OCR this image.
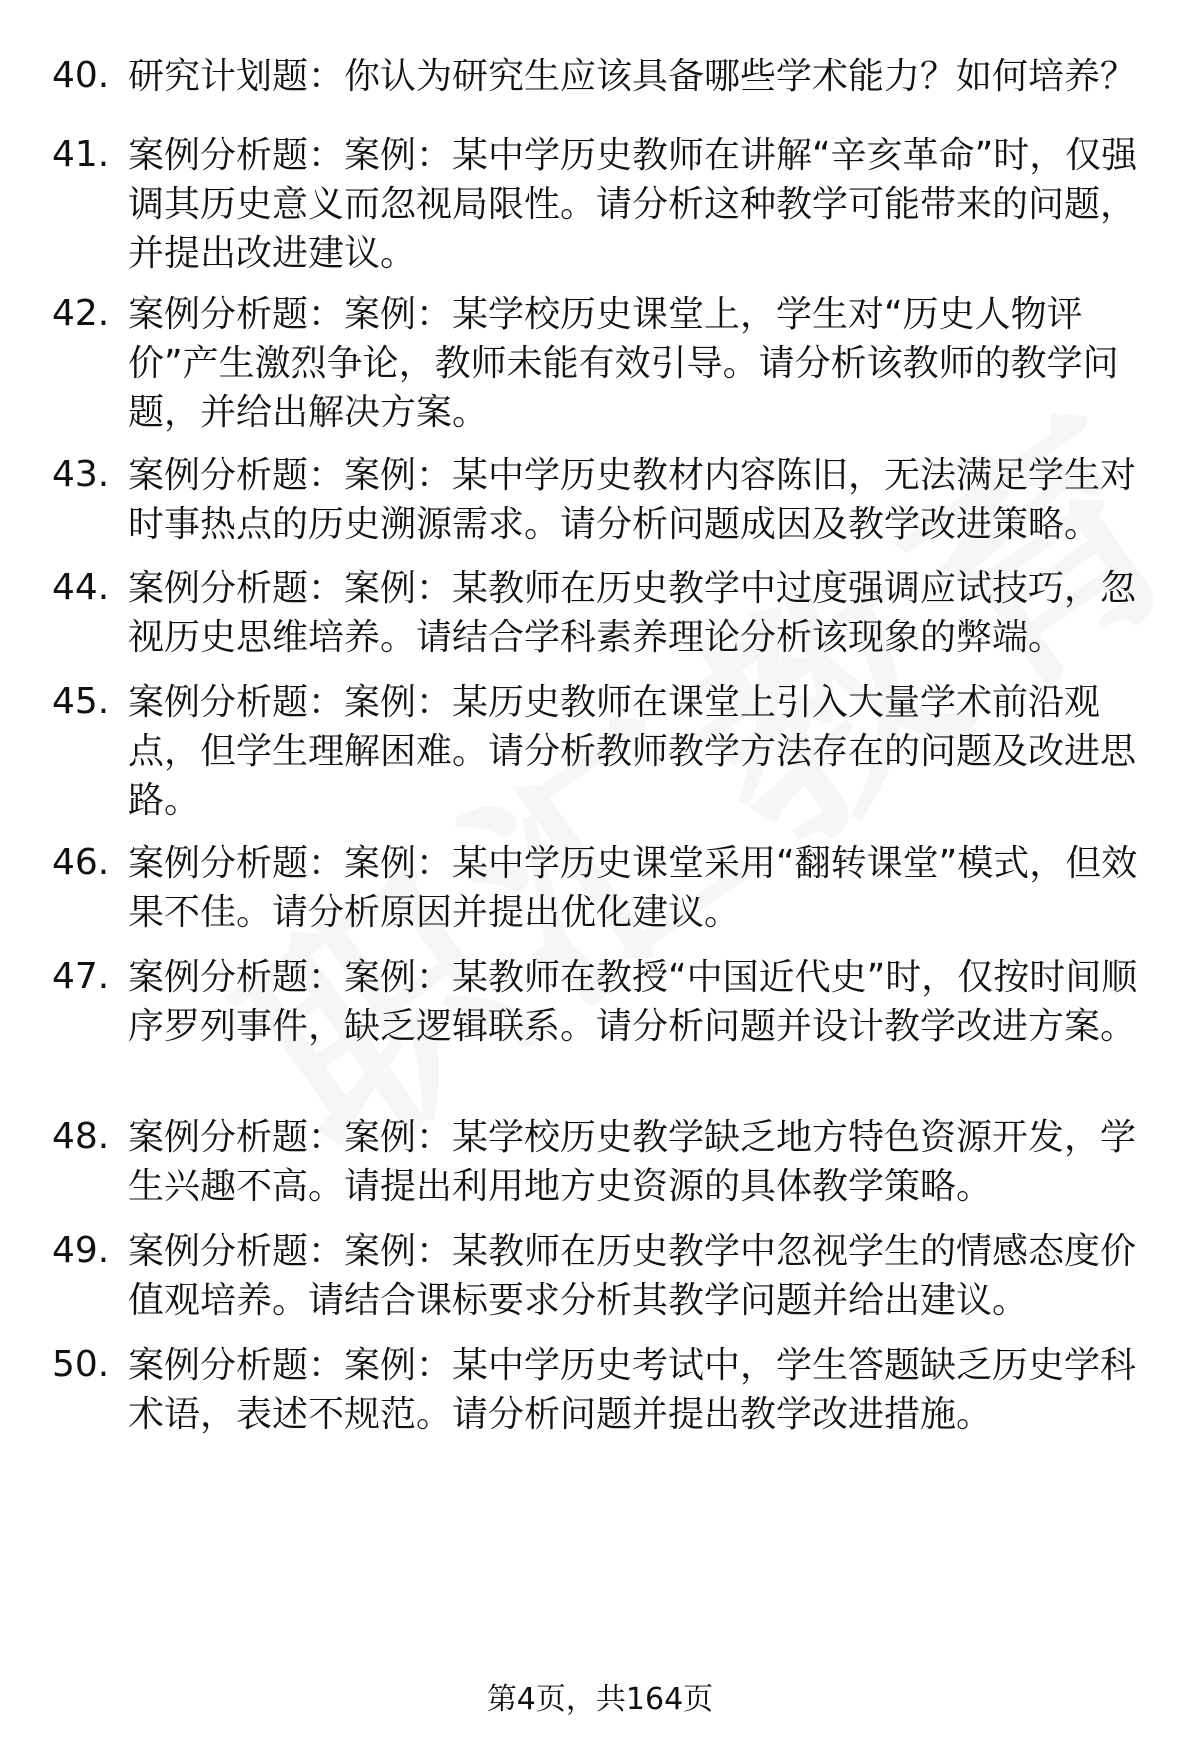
40. 研究计划题：你认为研究生应该具备哪些学术能力？如何培养？
41. 案例分析题：案例：某中学历史教师在讲解“辛亥革命”时，仅强调其历史意义而忽视局限性。请分析这种教学可能带来的问题，并提出改进建议。
42. 案例分析题：案例：某学校历史课堂上，学生对“历史人物评价”产生激烈争论，教师未能有效引导。请分析该教师的教学问题，并给出解决方案。
43. 案例分析题：案例：某中学历史教材内容陈旧，无法满足学生对时事热点的历史溯源需求。请分析问题成因及教学改进策略。
44. 案例分析题：案例：某教师在历史教学中过度强调应试技巧，忽视历史思维培养。请结合学科素养理论分析该现象的弊端。
45. 案例分析题：案例：某历史教师在课堂上引入大量学术前沿观点，但学生理解困难。请分析教师教学方法存在的问题及改进思路。
46. 案例分析题：案例：某中学历史课堂采用“翻转课堂”模式，但效果不佳。请分析原因并提出优化建议。
47. 案例分析题：案例：某教师在教授“中国近代史”时，仅按时间顺序罗列事件，缺乏逻辑联系。请分析问题并设计教学改进方案。
48. 案例分析题：案例：某学校历史教学缺乏地方特色资源开发，学生兴趣不高。请提出利用地方史资源的具体教学策略。
49. 案例分析题：案例：某教师在历史教学中忽视学生的情感态度价值观培养。请结合课标要求分析其教学问题并给出建议。
50. 案例分析题：案例：某中学历史考试中，学生答题缺乏历史学科术语，表述不规范。请分析问题并提出教学改进措施。
第4页，共164页
